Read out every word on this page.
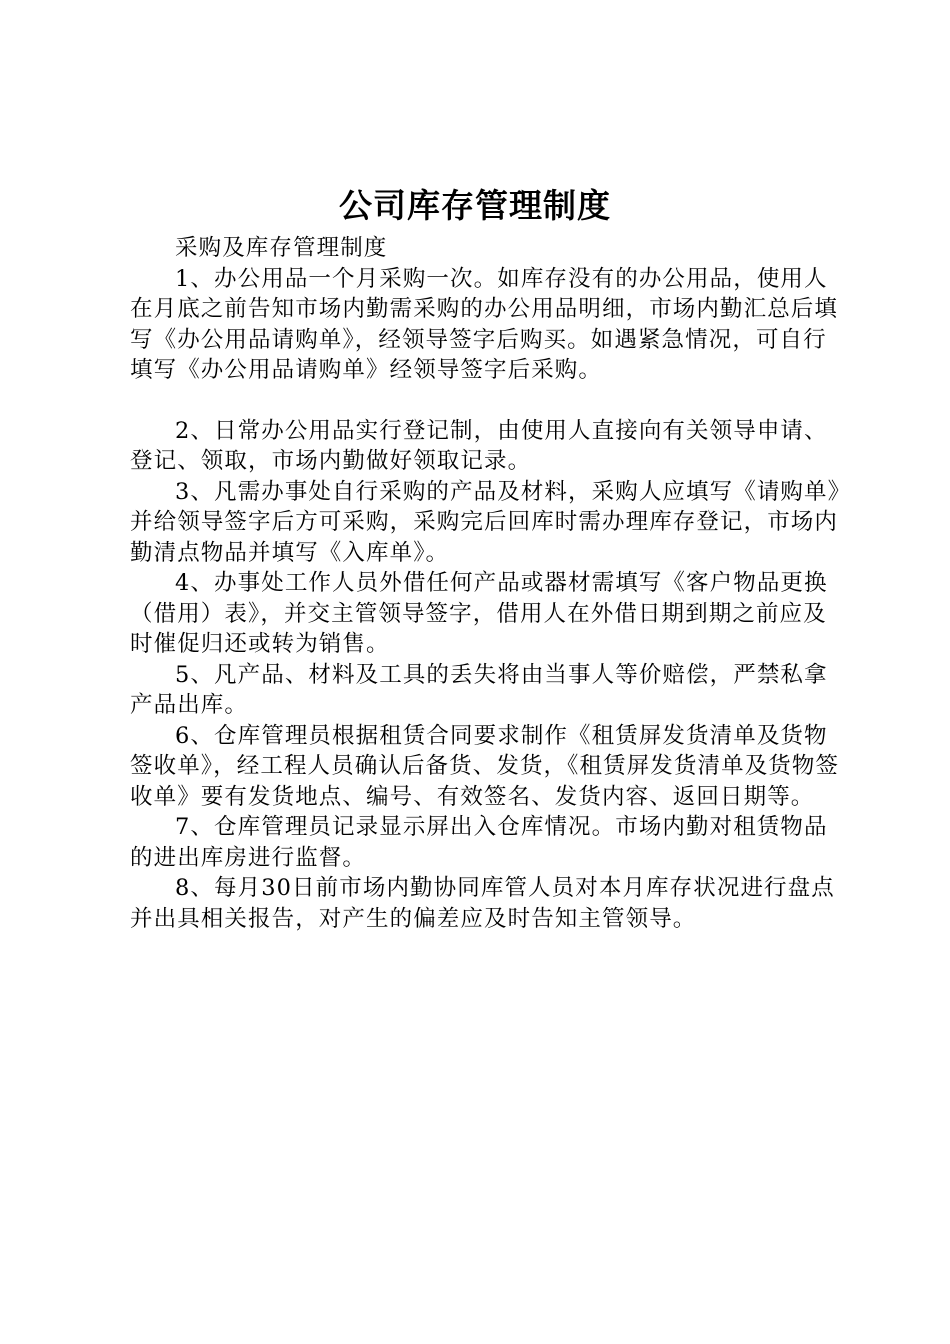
公司库存管理制度

采购及库存管理制度

1、办公用品一个月采购一次。如库存没有的办公用品，使用人在月底之前告知市场内勤需采购的办公用品明细，市场内勤汇总后填写《办公用品请购单》，经领导签字后购买。如遇紧急情况，可自行填写《办公用品请购单》经领导签字后采购。

2、日常办公用品实行登记制，由使用人直接向有关领导申请、登记、领取，市场内勤做好领取记录。

3、凡需办事处自行采购的产品及材料，采购人应填写《请购单》并给领导签字后方可采购，采购完后回库时需办理库存登记，市场内勤清点物品并填写《入库单》。

4、办事处工作人员外借任何产品或器材需填写《客户物品更换（借用）表》，并交主管领导签字，借用人在外借日期到期之前应及时催促归还或转为销售。

5、凡产品、材料及工具的丢失将由当事人等价赔偿，严禁私拿产品出库。

6、仓库管理员根据租赁合同要求制作《租赁屏发货清单及货物签收单》，经工程人员确认后备货、发货，《租赁屏发货清单及货物签收单》要有发货地点、编号、有效签名、发货内容、返回日期等。

7、仓库管理员记录显示屏出入仓库情况。市场内勤对租赁物品的进出库房进行监督。

8、每月30日前市场内勤协同库管人员对本月库存状况进行盘点并出具相关报告，对产生的偏差应及时告知主管领导。
